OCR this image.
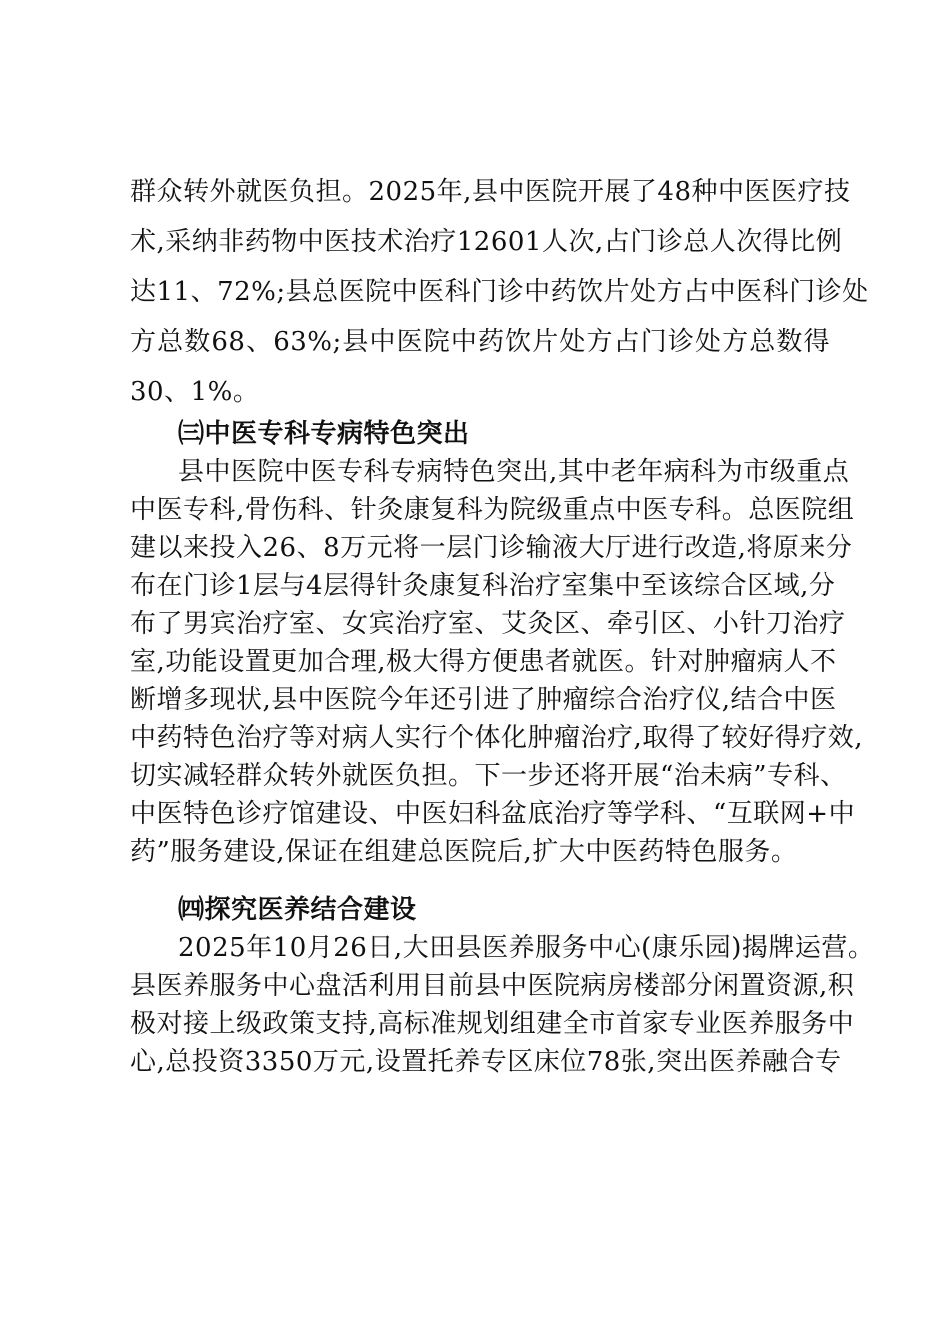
群众转外就医负担。2025年,县中医院开展了48种中医医疗技
术,采纳非药物中医技术治疗12601人次,占门诊总人次得比例
达11、72%;县总医院中医科门诊中药饮片处方占中医科门诊处
方总数68、63%;县中医院中药饮片处方占门诊处方总数得
30、1%。
㈢中医专科专病特色突出
县中医院中医专科专病特色突出,其中老年病科为市级重点
中医专科,骨伤科、针灸康复科为院级重点中医专科。总医院组
建以来投入26、8万元将一层门诊输液大厅进行改造,将原来分
布在门诊1层与4层得针灸康复科治疗室集中至该综合区域,分
布了男宾治疗室、女宾治疗室、艾灸区、牵引区、小针刀治疗
室,功能设置更加合理,极大得方便患者就医。针对肿瘤病人不
断增多现状,县中医院今年还引进了肿瘤综合治疗仪,结合中医
中药特色治疗等对病人实行个体化肿瘤治疗,取得了较好得疗效,
切实减轻群众转外就医负担。下一步还将开展“治未病”专科、
中医特色诊疗馆建设、中医妇科盆底治疗等学科、“互联网+中
药”服务建设,保证在组建总医院后,扩大中医药特色服务。
㈣探究医养结合建设
2025年10月26日,大田县医养服务中心(康乐园)揭牌运营。
县医养服务中心盘活利用目前县中医院病房楼部分闲置资源,积
极对接上级政策支持,高标准规划组建全市首家专业医养服务中
心,总投资3350万元,设置托养专区床位78张,突出医养融合专
